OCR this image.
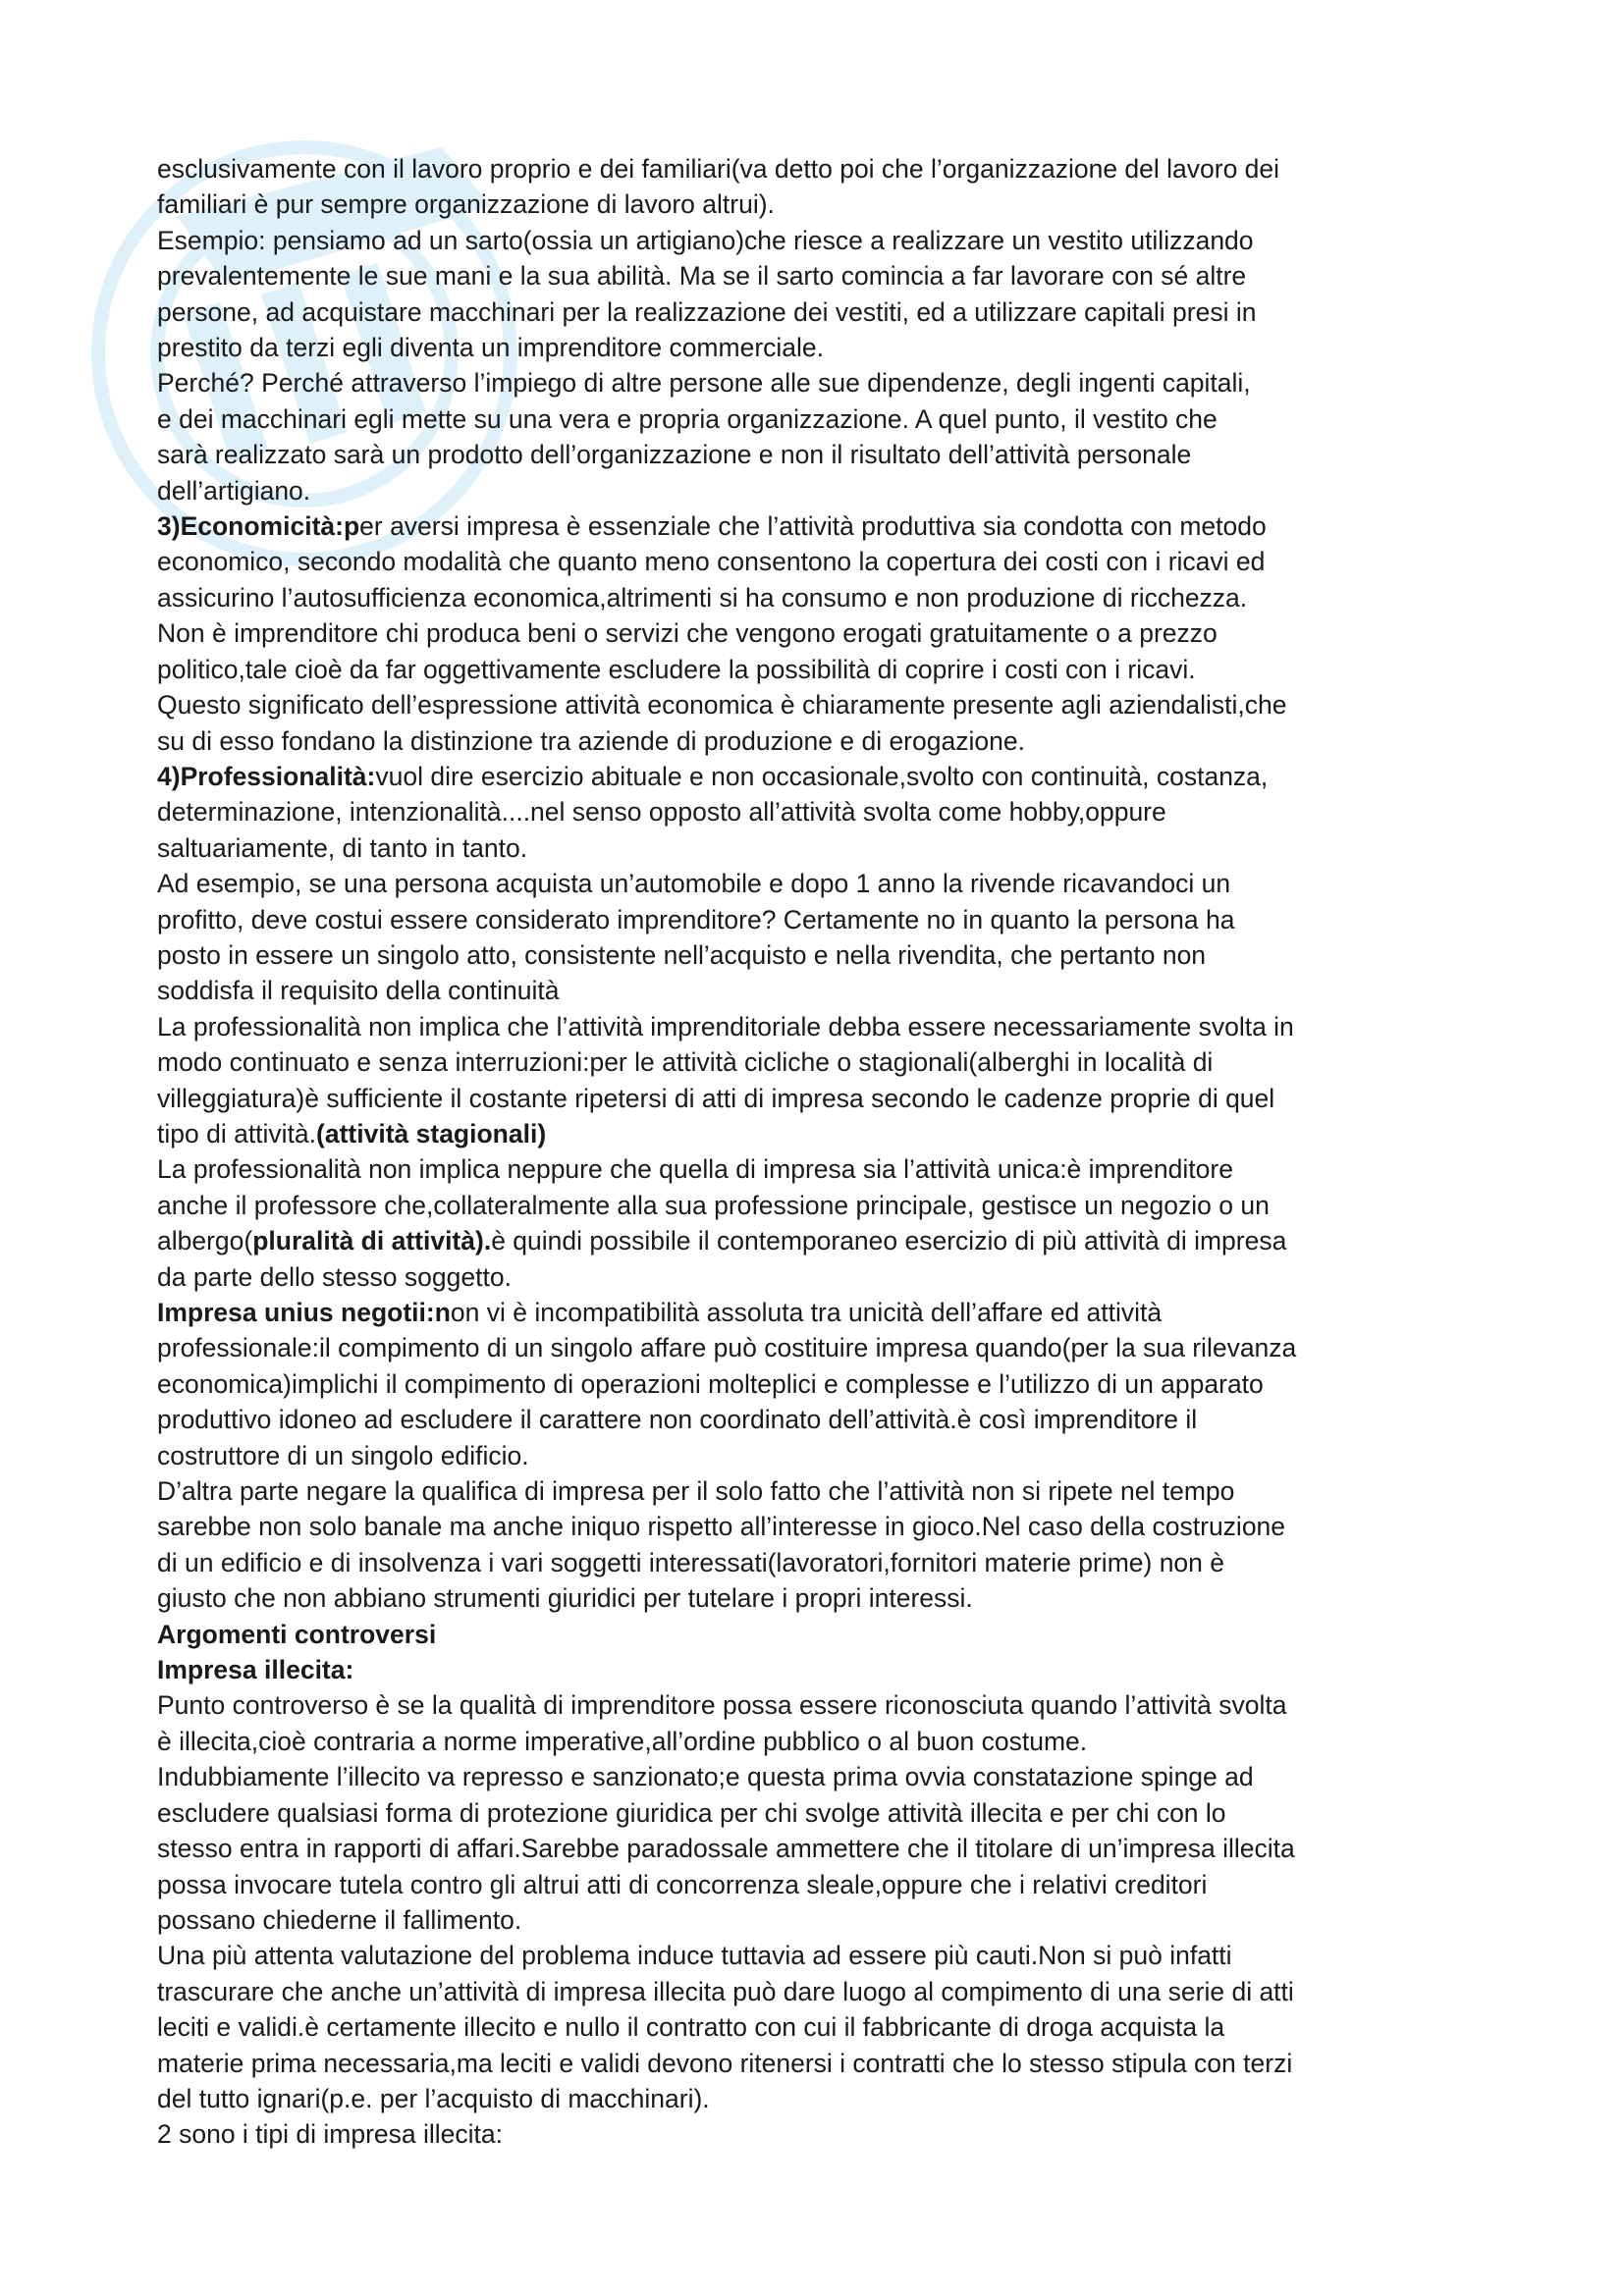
esclusivamente con il lavoro proprio e dei familiari(va detto poi che l’organizzazione del lavoro dei
familiari è pur sempre organizzazione di lavoro altrui).
Esempio: pensiamo ad un sarto(ossia un artigiano)che riesce a realizzare un vestito utilizzando
prevalentemente le sue mani e la sua abilità. Ma se il sarto comincia a far lavorare con sé altre
persone, ad acquistare macchinari per la realizzazione dei vestiti, ed a utilizzare capitali presi in
prestito da terzi egli diventa un imprenditore commerciale.
Perché? Perché attraverso l’impiego di altre persone alle sue dipendenze, degli ingenti capitali,
e dei macchinari egli mette su una vera e propria organizzazione. A quel punto, il vestito che
sarà realizzato sarà un prodotto dell’organizzazione e non il risultato dell’attività personale
dell’artigiano.
3)Economicità:per aversi impresa è essenziale che l’attività produttiva sia condotta con metodo
economico, secondo modalità che quanto meno consentono la copertura dei costi con i ricavi ed
assicurino l’autosufficienza economica,altrimenti si ha consumo e non produzione di ricchezza.
Non è imprenditore chi produca beni o servizi che vengono erogati gratuitamente o a prezzo
politico,tale cioè da far oggettivamente escludere la possibilità di coprire i costi con i ricavi.
Questo significato dell’espressione attività economica è chiaramente presente agli aziendalisti,che
su di esso fondano la distinzione tra aziende di produzione e di erogazione.
4)Professionalità:vuol dire esercizio abituale e non occasionale,svolto con continuità, costanza,
determinazione, intenzionalità....nel senso opposto all’attività svolta come hobby,oppure
saltuariamente, di tanto in tanto.
Ad esempio, se una persona acquista un’automobile e dopo 1 anno la rivende ricavandoci un
profitto, deve costui essere considerato imprenditore? Certamente no in quanto la persona ha
posto in essere un singolo atto, consistente nell’acquisto e nella rivendita, che pertanto non
soddisfa il requisito della continuità
La professionalità non implica che l’attività imprenditoriale debba essere necessariamente svolta in
modo continuato e senza interruzioni:per le attività cicliche o stagionali(alberghi in località di
villeggiatura)è sufficiente il costante ripetersi di atti di impresa secondo le cadenze proprie di quel
tipo di attività.(attività stagionali)
La professionalità non implica neppure che quella di impresa sia l’attività unica:è imprenditore
anche il professore che,collateralmente alla sua professione principale, gestisce un negozio o un
albergo(pluralità di attività).è quindi possibile il contemporaneo esercizio di più attività di impresa
da parte dello stesso soggetto.
Impresa unius negotii:non vi è incompatibilità assoluta tra unicità dell’affare ed attività
professionale:il compimento di un singolo affare può costituire impresa quando(per la sua rilevanza
economica)implichi il compimento di operazioni molteplici e complesse e l’utilizzo di un apparato
produttivo idoneo ad escludere il carattere non coordinato dell’attività.è così imprenditore il
costruttore di un singolo edificio.
D’altra parte negare la qualifica di impresa per il solo fatto che l’attività non si ripete nel tempo
sarebbe non solo banale ma anche iniquo rispetto all’interesse in gioco.Nel caso della costruzione
di un edificio e di insolvenza i vari soggetti interessati(lavoratori,fornitori materie prime) non è
giusto che non abbiano strumenti giuridici per tutelare i propri interessi.
Argomenti controversi
Impresa illecita:
Punto controverso è se la qualità di imprenditore possa essere riconosciuta quando l’attività svolta
è illecita,cioè contraria a norme imperative,all’ordine pubblico o al buon costume.
Indubbiamente l’illecito va represso e sanzionato;e questa prima ovvia constatazione spinge ad
escludere qualsiasi forma di protezione giuridica per chi svolge attività illecita e per chi con lo
stesso entra in rapporti di affari.Sarebbe paradossale ammettere che il titolare di un’impresa illecita
possa invocare tutela contro gli altrui atti di concorrenza sleale,oppure che i relativi creditori
possano chiederne il fallimento.
Una più attenta valutazione del problema induce tuttavia ad essere più cauti.Non si può infatti
trascurare che anche un’attività di impresa illecita può dare luogo al compimento di una serie di atti
leciti e validi.è certamente illecito e nullo il contratto con cui il fabbricante di droga acquista la
materie prima necessaria,ma leciti e validi devono ritenersi i contratti che lo stesso stipula con terzi
del tutto ignari(p.e. per l’acquisto di macchinari).
2 sono i tipi di impresa illecita:
